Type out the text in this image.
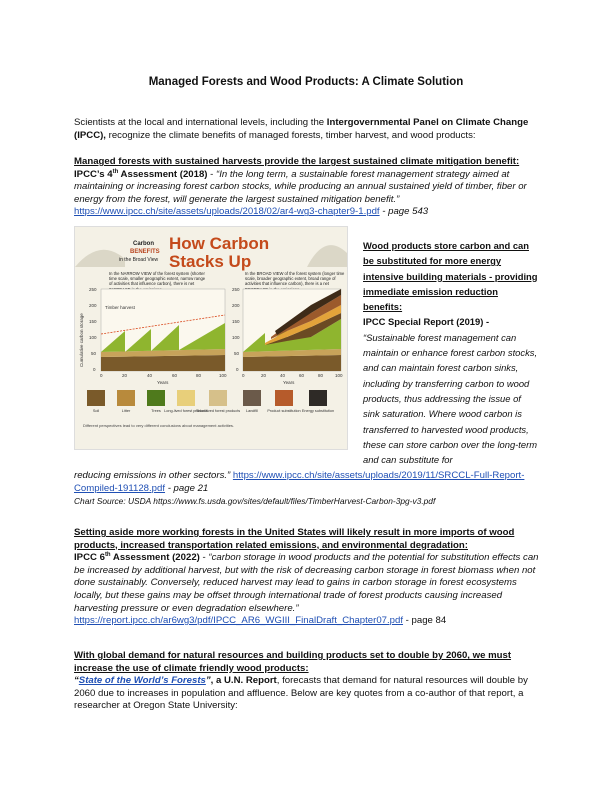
Managed Forests and Wood Products: A Climate Solution
Scientists at the local and international levels, including the Intergovernmental Panel on Climate Change (IPCC), recognize the climate benefits of managed forests, timber harvest, and wood products:
Managed forests with sustained harvests provide the largest sustained climate mitigation benefit:
IPCC’s 4th Assessment (2018) - “In the long term, a sustainable forest management strategy aimed at maintaining or increasing forest carbon stocks, while producing an annual sustained yield of timber, fiber or energy from the forest, will generate the largest sustained mitigation benefit.”
https://www.ipcc.ch/site/assets/uploads/2018/02/ar4-wg3-chapter9-1.pdf - page 543
Carbon
BENEFITS
in the Broad View
How Carbon
Stacks Up
In the NARROW VIEW of the forest system (shorter time scale, smaller geographic extent, narrow range of activities that influence carbon), there is net
In the BROAD VIEW of the forest system (longer time scale, broader geographic extent, broad range of activities that influence carbon), there is a net
Cumulative carbon storage
250
200
150
100
50
0
250
200
150
100
50
0
Timber harvest
0	20	40	60	80	100	0	20	40	60	80	100
Years	Years
Soil	Litter	Trees Long-lived forest products
Short-lived forest products Landfill Product substitution Energy substitution
Different perspectives lead to very different conclusions about management activities.
Wood products store carbon and can be substituted for more energy intensive building materials - providing immediate emission reduction benefits:
IPCC Special Report (2019) -
“Sustainable forest management can maintain or enhance forest carbon stocks, and can maintain forest carbon sinks, including by transferring carbon to wood products, thus addressing the issue of sink saturation. Where wood carbon is transferred to harvested wood products, these can store carbon over the long-term and can substitute for
reducing emissions in other sectors.” https://www.ipcc.ch/site/assets/uploads/2019/11/SRCCL-Full-Report-Compiled-191128.pdf - page 21
Chart Source: USDA https://www.fs.usda.gov/sites/default/files/TimberHarvest-Carbon-3pg-v3.pdf
Setting aside more working forests in the United States will likely result in more imports of wood products, increased transportation related emissions, and environmental degradation:
IPCC 6th Assessment (2022) - “carbon storage in wood products and the potential for substitution effects can be increased by additional harvest, but with the risk of decreasing carbon storage in forest biomass when not done sustainably. Conversely, reduced harvest may lead to gains in carbon storage in forest ecosystems locally, but these gains may be offset through international trade of forest products causing increased harvesting pressure or even degradation elsewhere.”
https://report.ipcc.ch/ar6wg3/pdf/IPCC_AR6_WGIII_FinalDraft_Chapter07.pdf - page 84
With global demand for natural resources and building products set to double by 2060, we must increase the use of climate friendly wood products:
“State of the World’s Forests”, a U.N. Report, forecasts that demand for natural resources will double by 2060 due to increases in population and affluence. Below are key quotes from a co-author of that report, a researcher at Oregon State University:
